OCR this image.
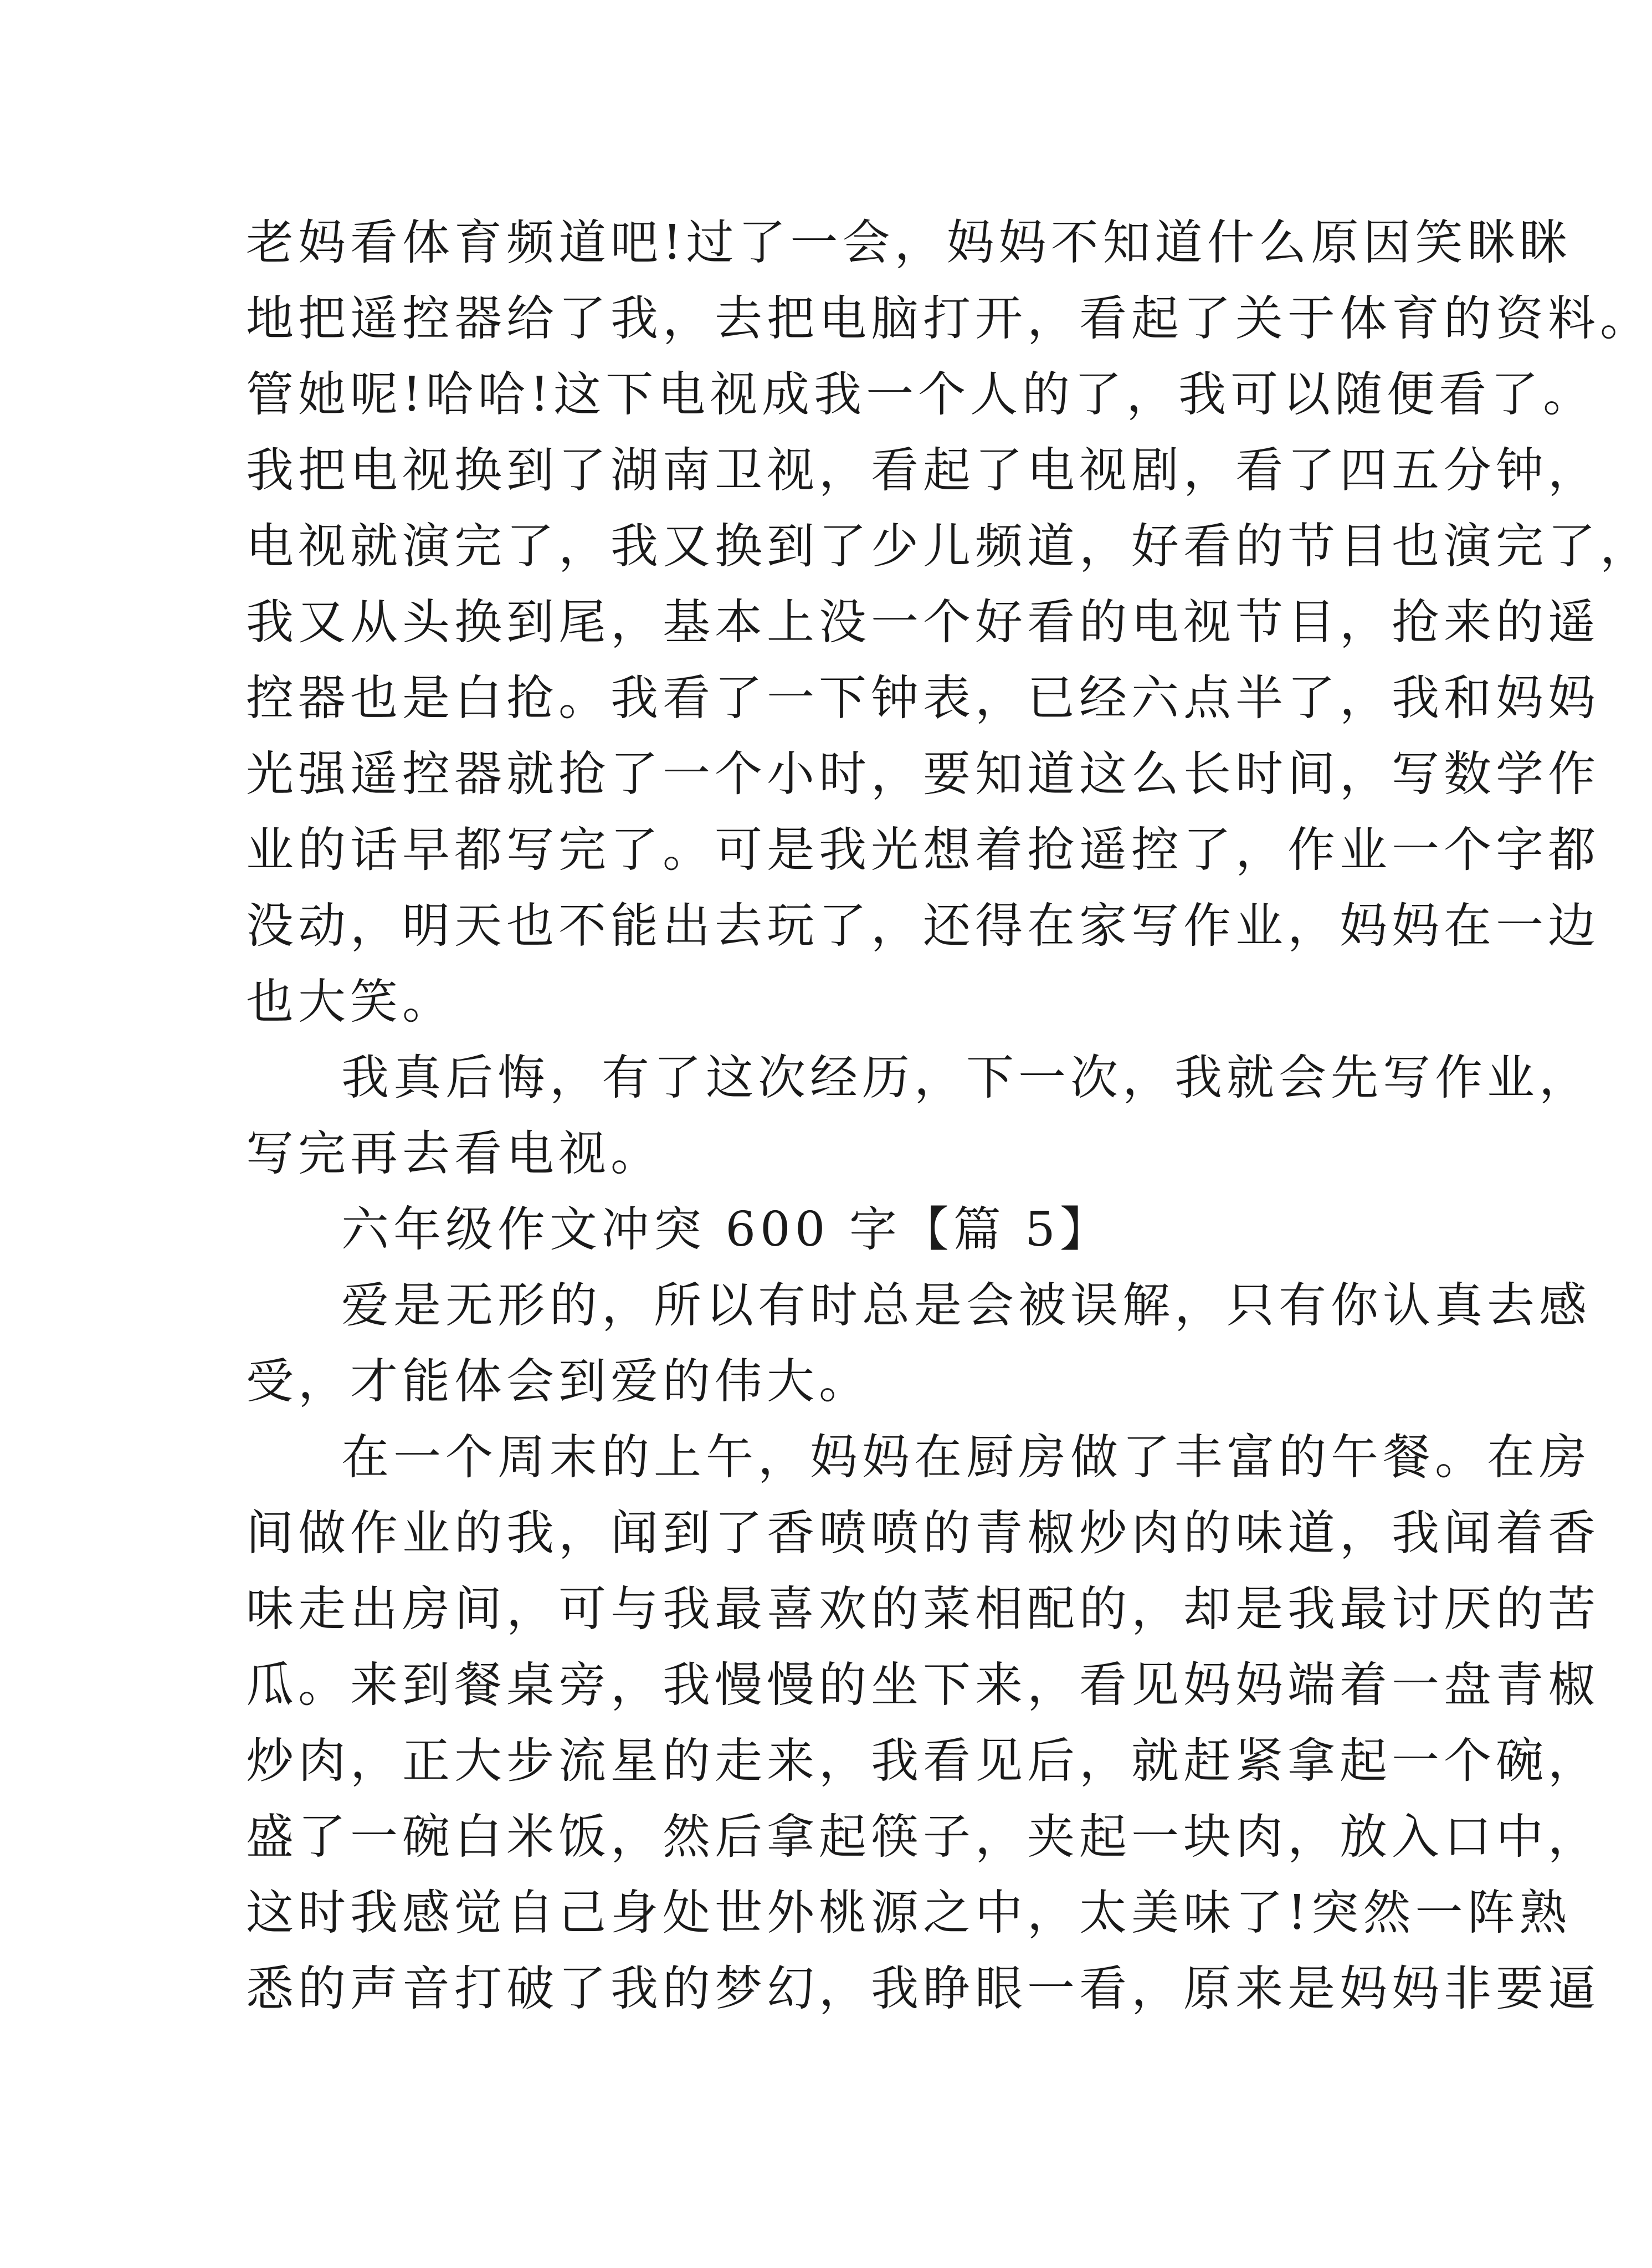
老妈看体育频道吧!过了一会，妈妈不知道什么原因笑眯眯
地把遥控器给了我，去把电脑打开，看起了关于体育的资料。
管她呢!哈哈!这下电视成我一个人的了，我可以随便看了。
我把电视换到了湖南卫视，看起了电视剧，看了四五分钟，
电视就演完了，我又换到了少儿频道，好看的节目也演完了，
我又从头换到尾，基本上没一个好看的电视节目，抢来的遥
控器也是白抢。我看了一下钟表，已经六点半了，我和妈妈
光强遥控器就抢了一个小时，要知道这么长时间，写数学作
业的话早都写完了。可是我光想着抢遥控了，作业一个字都
没动，明天也不能出去玩了，还得在家写作业，妈妈在一边
也大笑。
我真后悔，有了这次经历，下一次，我就会先写作业，
写完再去看电视。
六年级作文冲突 600 字【篇 5】
爱是无形的，所以有时总是会被误解，只有你认真去感
受，才能体会到爱的伟大。
在一个周末的上午，妈妈在厨房做了丰富的午餐。在房
间做作业的我，闻到了香喷喷的青椒炒肉的味道，我闻着香
味走出房间，可与我最喜欢的菜相配的，却是我最讨厌的苦
瓜。来到餐桌旁，我慢慢的坐下来，看见妈妈端着一盘青椒
炒肉，正大步流星的走来，我看见后，就赶紧拿起一个碗，
盛了一碗白米饭，然后拿起筷子，夹起一块肉，放入口中，
这时我感觉自己身处世外桃源之中，太美味了!突然一阵熟
悉的声音打破了我的梦幻，我睁眼一看，原来是妈妈非要逼
